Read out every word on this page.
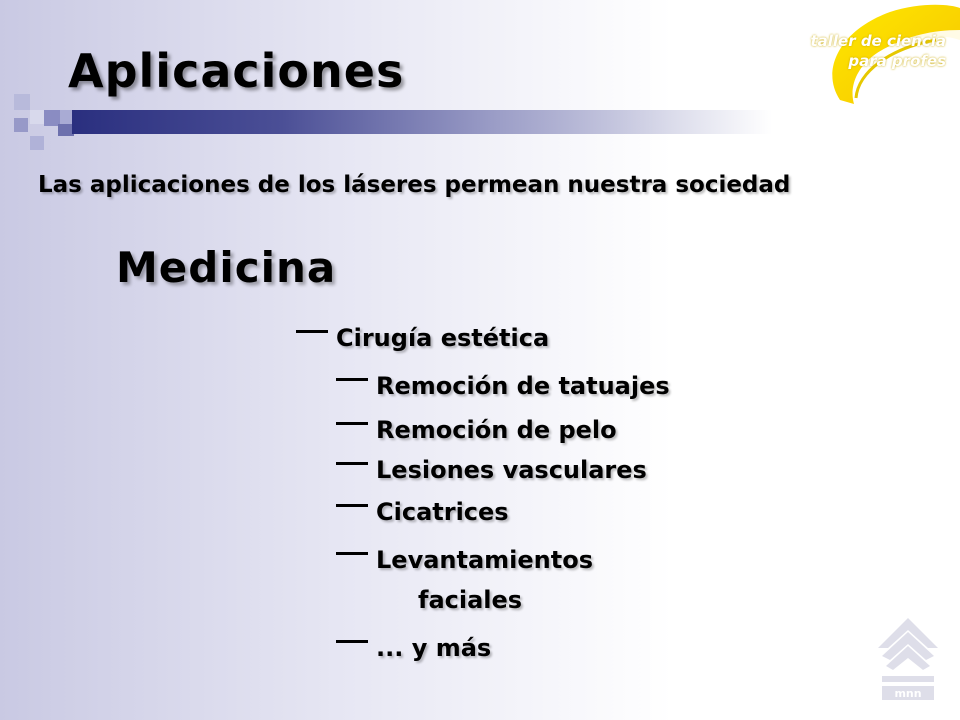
Aplicaciones
taller de ciencia
para profes
Las aplicaciones de los láseres permean nuestra sociedad
Medicina
Cirugía estética
Remoción de tatuajes
Remoción de pelo
Lesiones vasculares
Cicatrices
Levantamientos
faciales
... y más
mnn
